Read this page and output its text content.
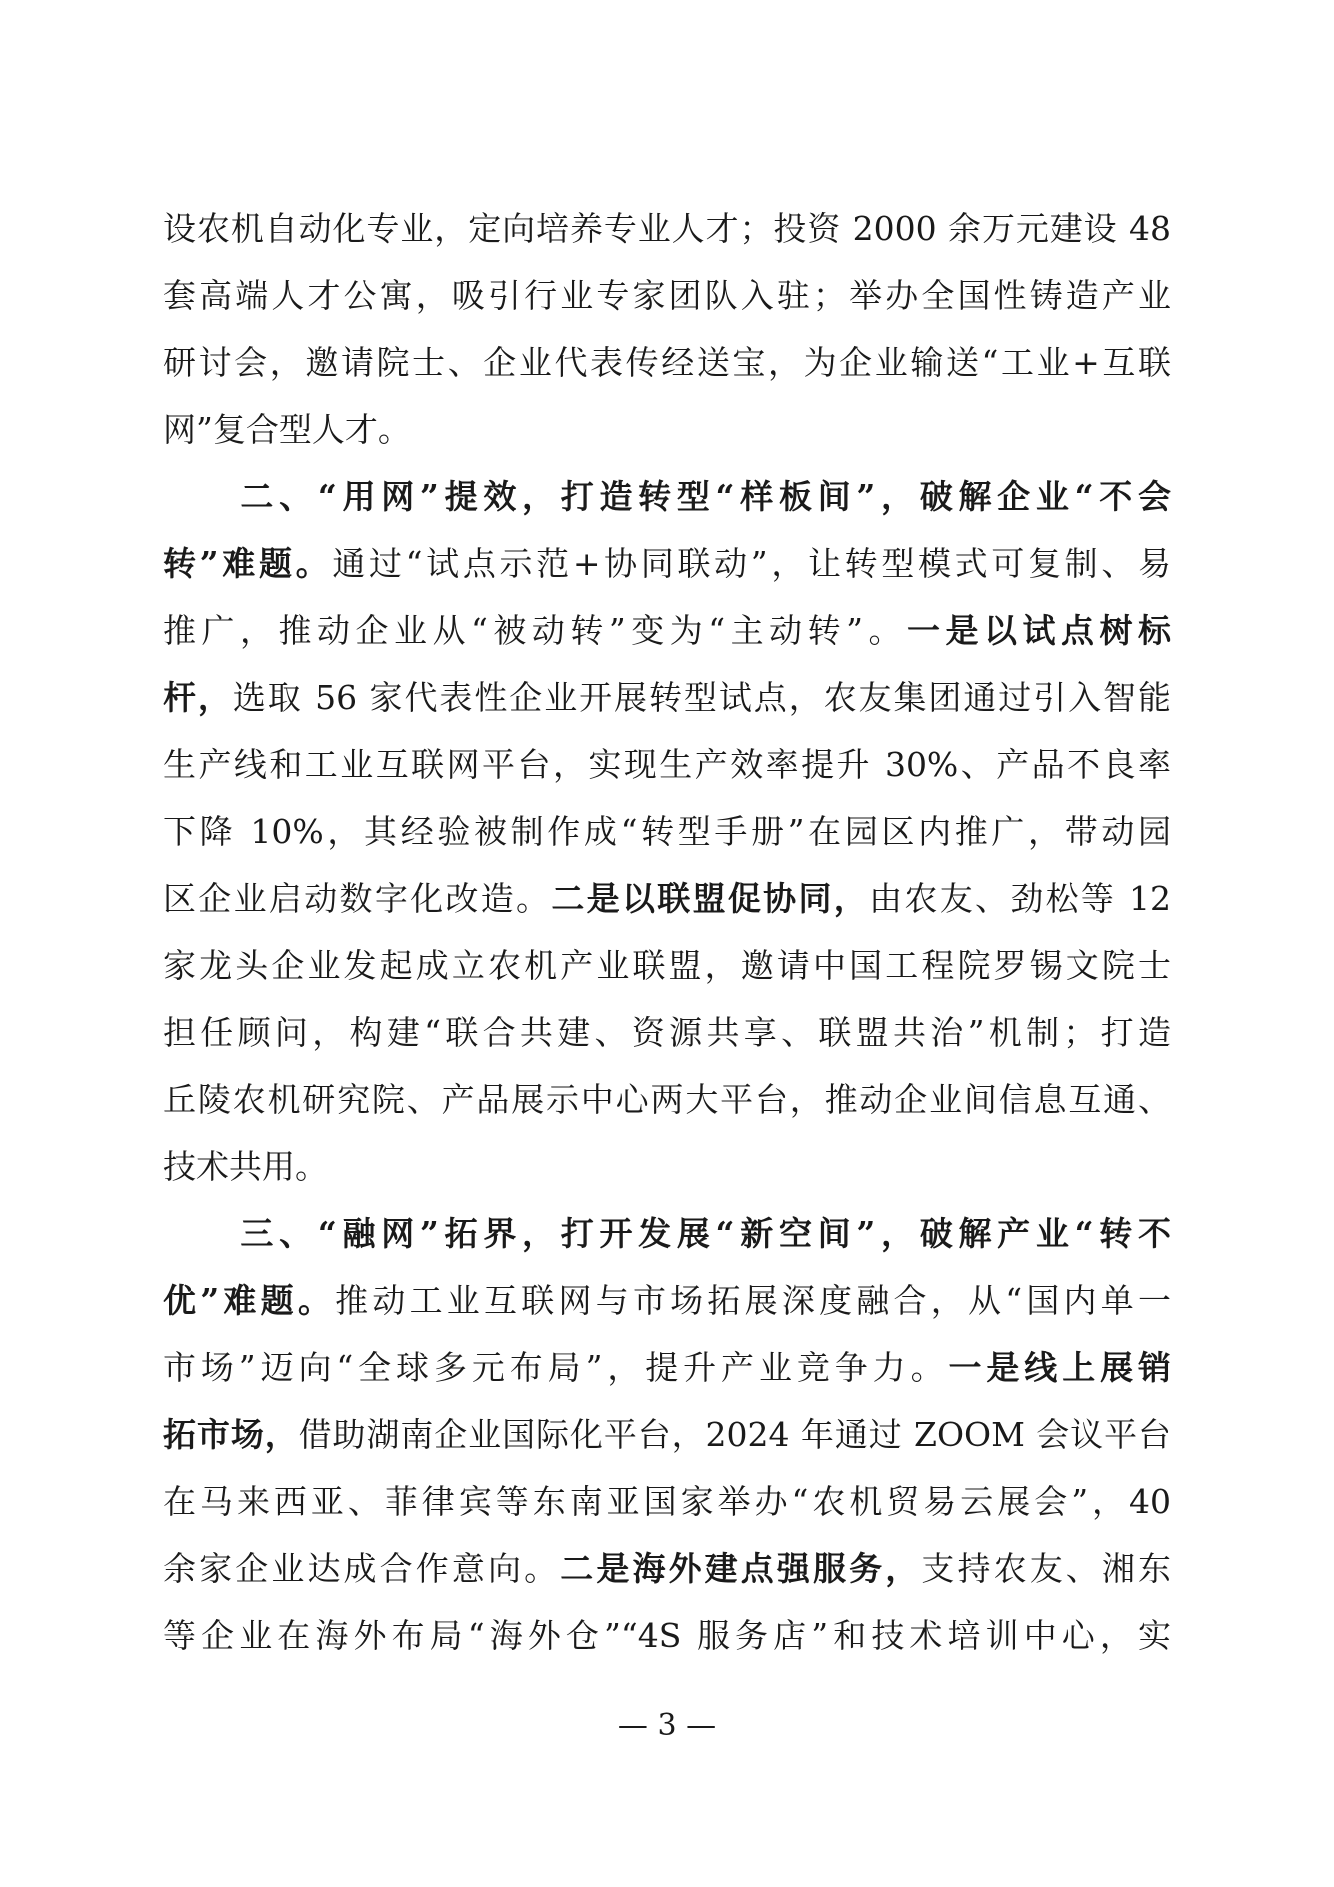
设农机自动化专业，定向培养专业人才；投资 2000 余万元建设 48
套高端人才公寓，吸引行业专家团队入驻；举办全国性铸造产业
研讨会，邀请院士、企业代表传经送宝，为企业输送“工业+互联
网”复合型人才。
　　二、“用网”提效，打造转型“样板间”，破解企业“不会
转”难题。通过“试点示范+协同联动”，让转型模式可复制、易
推广，推动企业从“被动转”变为“主动转”。一是以试点树标
杆，选取 56 家代表性企业开展转型试点，农友集团通过引入智能
生产线和工业互联网平台，实现生产效率提升 30%、产品不良率
下降 10%，其经验被制作成“转型手册”在园区内推广，带动园
区企业启动数字化改造。二是以联盟促协同，由农友、劲松等 12
家龙头企业发起成立农机产业联盟，邀请中国工程院罗锡文院士
担任顾问，构建“联合共建、资源共享、联盟共治”机制；打造
丘陵农机研究院、产品展示中心两大平台，推动企业间信息互通、
技术共用。
　　三、“融网”拓界，打开发展“新空间”，破解产业“转不
优”难题。推动工业互联网与市场拓展深度融合，从“国内单一
市场”迈向“全球多元布局”，提升产业竞争力。一是线上展销
拓市场，借助湖南企业国际化平台，2024 年通过 ZOOM 会议平台
在马来西亚、菲律宾等东南亚国家举办“农机贸易云展会”，40
余家企业达成合作意向。二是海外建点强服务，支持农友、湘东
等企业在海外布局“海外仓”“4S 服务店”和技术培训中心，实
— 3 —
